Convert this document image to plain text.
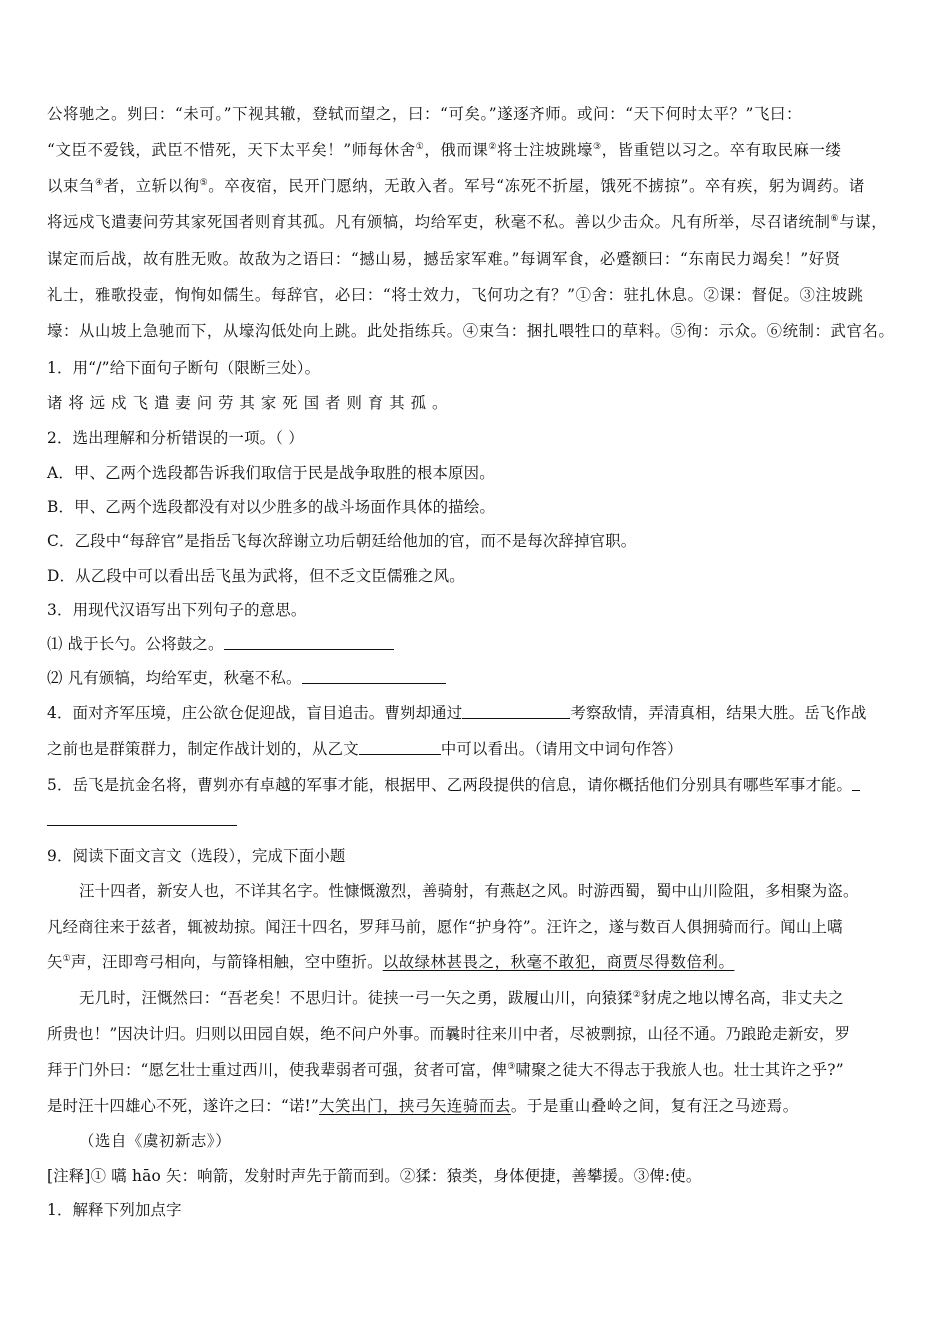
公将驰之。刿曰：“未可。”下视其辙，登轼而望之，曰：“可矣。”遂逐齐师。或问：“天下何时太平？”飞曰：
“文臣不爱钱，武臣不惜死，天下太平矣！”师每休舍①，俄而课②将士注坡跳壕③，皆重铠以习之。卒有取民麻一缕
以束刍④者，立斩以徇⑤。卒夜宿，民开门愿纳，无敢入者。军号“冻死不折屋，饿死不掳掠”。卒有疾，躬为调药。诸
将远戍飞遣妻问劳其家死国者则育其孤。凡有颁犒，均给军吏，秋毫不私。善以少击众。凡有所举，尽召诸统制⑥与谋，
谋定而后战，故有胜无败。故敌为之语曰：“撼山易，撼岳家军难。”每调军食，必蹙额曰：“东南民力竭矣！”好贤
礼士，雅歌投壶，恂恂如儒生。每辞官，必曰：“将士效力，飞何功之有？”①舍：驻扎休息。②课：督促。③注坡跳
壕：从山坡上急驰而下，从壕沟低处向上跳。此处指练兵。④束刍：捆扎喂牲口的草料。⑤徇：示众。⑥统制：武官名。
1．用“/”给下面句子断句（限断三处）。
诸将远戍飞遣妻问劳其家死国者则育其孤。
2．选出理解和分析错误的一项。（ ）
A．甲、乙两个选段都告诉我们取信于民是战争取胜的根本原因。
B．甲、乙两个选段都没有对以少胜多的战斗场面作具体的描绘。
C．乙段中“每辞官”是指岳飞每次辞谢立功后朝廷给他加的官，而不是每次辞掉官职。
D．从乙段中可以看出岳飞虽为武将，但不乏文臣儒雅之风。
3．用现代汉语写出下列句子的意思。
⑴ 战于长勺。公将鼓之。
⑵ 凡有颁犒，均给军吏，秋毫不私。
4．面对齐军压境，庄公欲仓促迎战，盲目追击。曹刿却通过	考察敌情，弄清真相，结果大胜。岳飞作战
之前也是群策群力，制定作战计划的，从乙文	中可以看出。（请用文中词句作答）
5．岳飞是抗金名将，曹刿亦有卓越的军事才能，根据甲、乙两段提供的信息，请你概括他们分别具有哪些军事才能。
9．阅读下面文言文（选段），完成下面小题
汪十四者，新安人也，不详其名字。性慷慨激烈，善骑射，有燕赵之风。时游西蜀，蜀中山川险阻，多相聚为盗。
凡经商往来于兹者，辄被劫掠。闻汪十四名，罗拜马前，愿作“护身符”。汪许之，遂与数百人俱拥骑而行。闻山上嚆
矢①声，汪即弯弓相向，与箭锋相触，空中堕折。以故绿林甚畏之，秋毫不敢犯，商贾尽得数倍利。
无几时，汪慨然曰：“吾老矣！不思归计。徒挟一弓一矢之勇，跋履山川，向猿猱②豺虎之地以博名高，非丈夫之
所贵也！”因决计归。归则以田园自娱，绝不问户外事。而曩时往来川中者，尽被剽掠，山径不通。乃踉跄走新安，罗
拜于门外曰：“愿乞壮士重过西川，使我辈弱者可强，贫者可富，俾③啸聚之徒大不得志于我旅人也。壮士其许之乎?”
是时汪十四雄心不死，遂许之曰：“诺!”大笑出门，挟弓矢连骑而去。于是重山叠岭之间，复有汪之马迹焉。
（选自《虞初新志》）
[注释]① 嚆 hāo 矢：响箭，发射时声先于箭而到。②猱：猿类，身体便捷，善攀援。③俾:使。
1．解释下列加点字
